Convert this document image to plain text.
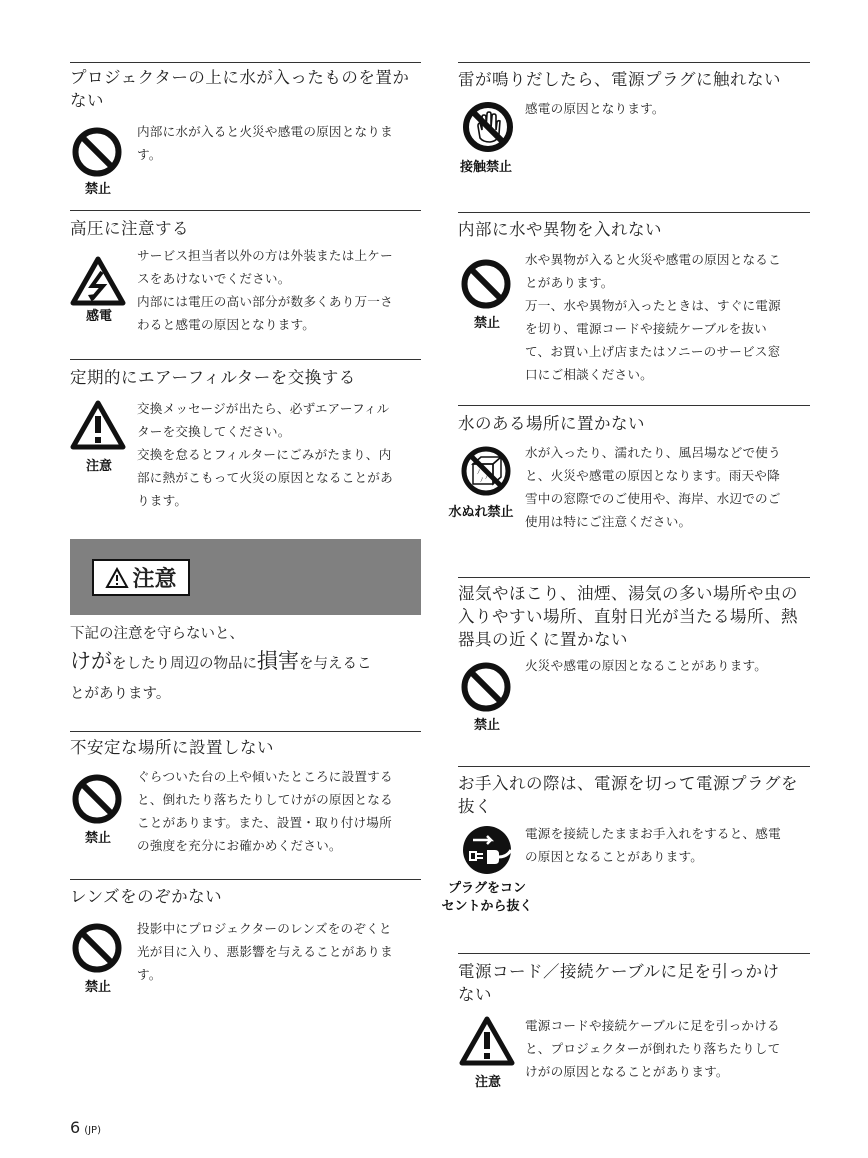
プロジェクターの上に水が入ったものを置か
ない
禁止
内部に水が入ると火災や感電の原因となりま
す。
高圧に注意する
感電
サービス担当者以外の方は外装または上ケー
スをあけないでください。
内部には電圧の高い部分が数多くあり万一さ
わると感電の原因となります。
定期的にエアーフィルターを交換する
注意
交換メッセージが出たら、必ずエアーフィル
ターを交換してください。
交換を怠るとフィルターにごみがたまり、内
部に熱がこもって火災の原因となることがあ
ります。
注意
下記の注意を守らないと、
けがをしたり周辺の物品に損害を与えるこ
とがあります。
不安定な場所に設置しない
禁止
ぐらついた台の上や傾いたところに設置する
と、倒れたり落ちたりしてけがの原因となる
ことがあります。また、設置・取り付け場所
の強度を充分にお確かめください。
レンズをのぞかない
禁止
投影中にプロジェクターのレンズをのぞくと
光が目に入り、悪影響を与えることがありま
す。
6 (JP)
雷が鳴りだしたら、電源プラグに触れない
接触禁止
感電の原因となります。
内部に水や異物を入れない
禁止
水や異物が入ると火災や感電の原因となるこ
とがあります。
万一、水や異物が入ったときは、すぐに電源
を切り、電源コードや接続ケーブルを抜い
て、お買い上げ店またはソニーのサービス窓
口にご相談ください。
水のある場所に置かない
ﾉ
ﾉ
ﾉ
水ぬれ禁止
水が入ったり、濡れたり、風呂場などで使う
と、火災や感電の原因となります。雨天や降
雪中の窓際でのご使用や、海岸、水辺でのご
使用は特にご注意ください。
湿気やほこり、油煙、湯気の多い場所や虫の
入りやすい場所、直射日光が当たる場所、熱
器具の近くに置かない
禁止
火災や感電の原因となることがあります。
お手入れの際は、電源を切って電源プラグを
抜く
プラグをコン
セントから抜く
電源を接続したままお手入れをすると、感電
の原因となることがあります。
電源コード／接続ケーブルに足を引っかけ
ない
注意
電源コードや接続ケーブルに足を引っかける
と、プロジェクターが倒れたり落ちたりして
けがの原因となることがあります。
